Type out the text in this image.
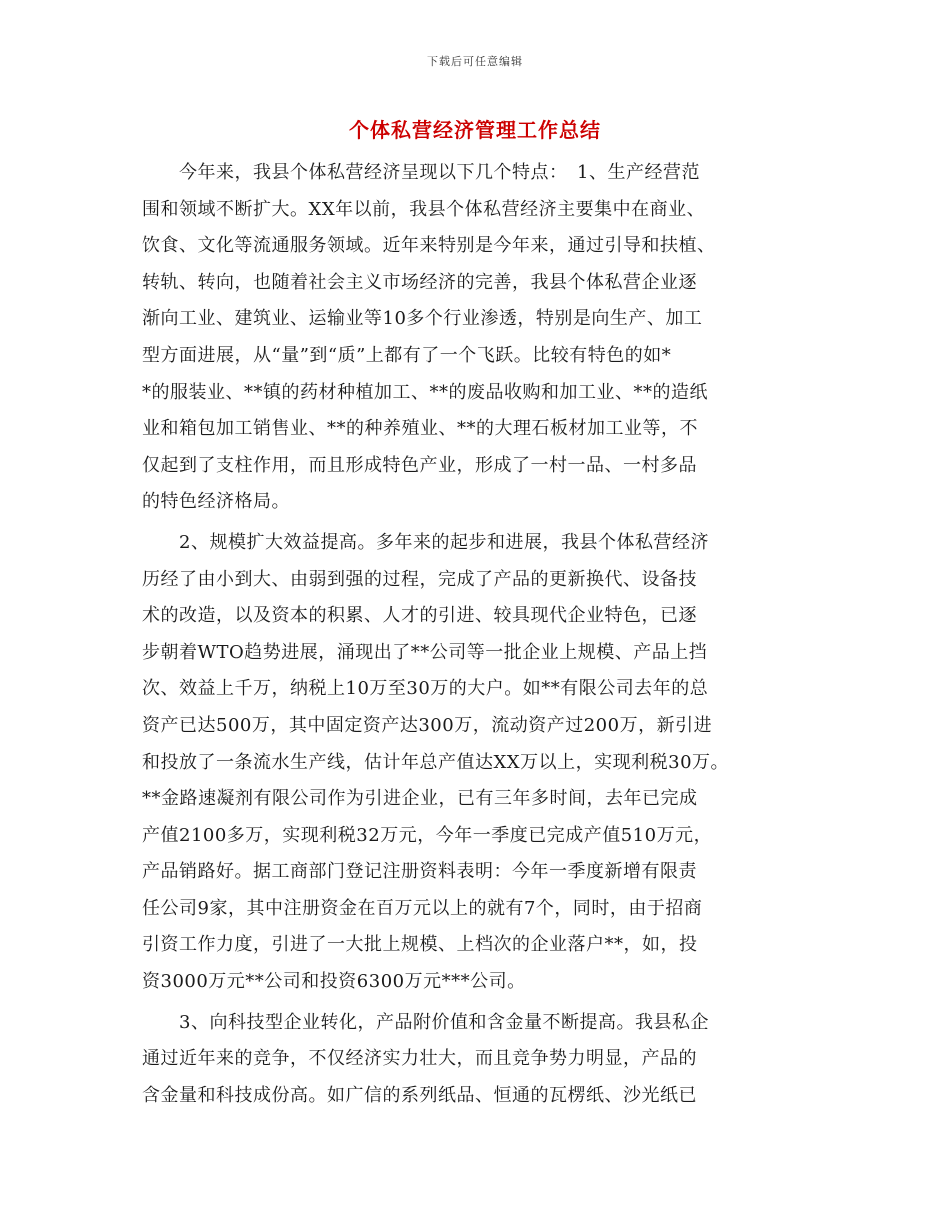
下载后可任意编辑
个体私营经济管理工作总结
　　今年来，我县个体私营经济呈现以下几个特点：　1、生产经营范
围和领域不断扩大。XX年以前，我县个体私营经济主要集中在商业、
饮食、文化等流通服务领域。近年来特别是今年来，通过引导和扶植、
转轨、转向，也随着社会主义市场经济的完善，我县个体私营企业逐
渐向工业、建筑业、运输业等10多个行业渗透，特别是向生产、加工
型方面进展，从“量”到“质”上都有了一个飞跃。比较有特色的如*
*的服装业、**镇的药材种植加工、**的废品收购和加工业、**的造纸
业和箱包加工销售业、**的种养殖业、**的大理石板材加工业等，不
仅起到了支柱作用，而且形成特色产业，形成了一村一品、一村多品
的特色经济格局。
　　2、规模扩大效益提高。多年来的起步和进展，我县个体私营经济
历经了由小到大、由弱到强的过程，完成了产品的更新换代、设备技
术的改造，以及资本的积累、人才的引进、较具现代企业特色，已逐
步朝着WTO趋势进展，涌现出了**公司等一批企业上规模、产品上挡
次、效益上千万，纳税上10万至30万的大户。如**有限公司去年的总
资产已达500万，其中固定资产达300万，流动资产过200万，新引进
和投放了一条流水生产线，估计年总产值达XX万以上，实现利税30万。
**金路速凝剂有限公司作为引进企业，已有三年多时间，去年已完成
产值2100多万，实现利税32万元，今年一季度已完成产值510万元，
产品销路好。据工商部门登记注册资料表明：今年一季度新增有限责
任公司9家，其中注册资金在百万元以上的就有7个，同时，由于招商
引资工作力度，引进了一大批上规模、上档次的企业落户**，如，投
资3000万元**公司和投资6300万元***公司。
　　3、向科技型企业转化，产品附价值和含金量不断提高。我县私企
通过近年来的竞争，不仅经济实力壮大，而且竞争势力明显，产品的
含金量和科技成份高。如广信的系列纸品、恒通的瓦楞纸、沙光纸已
